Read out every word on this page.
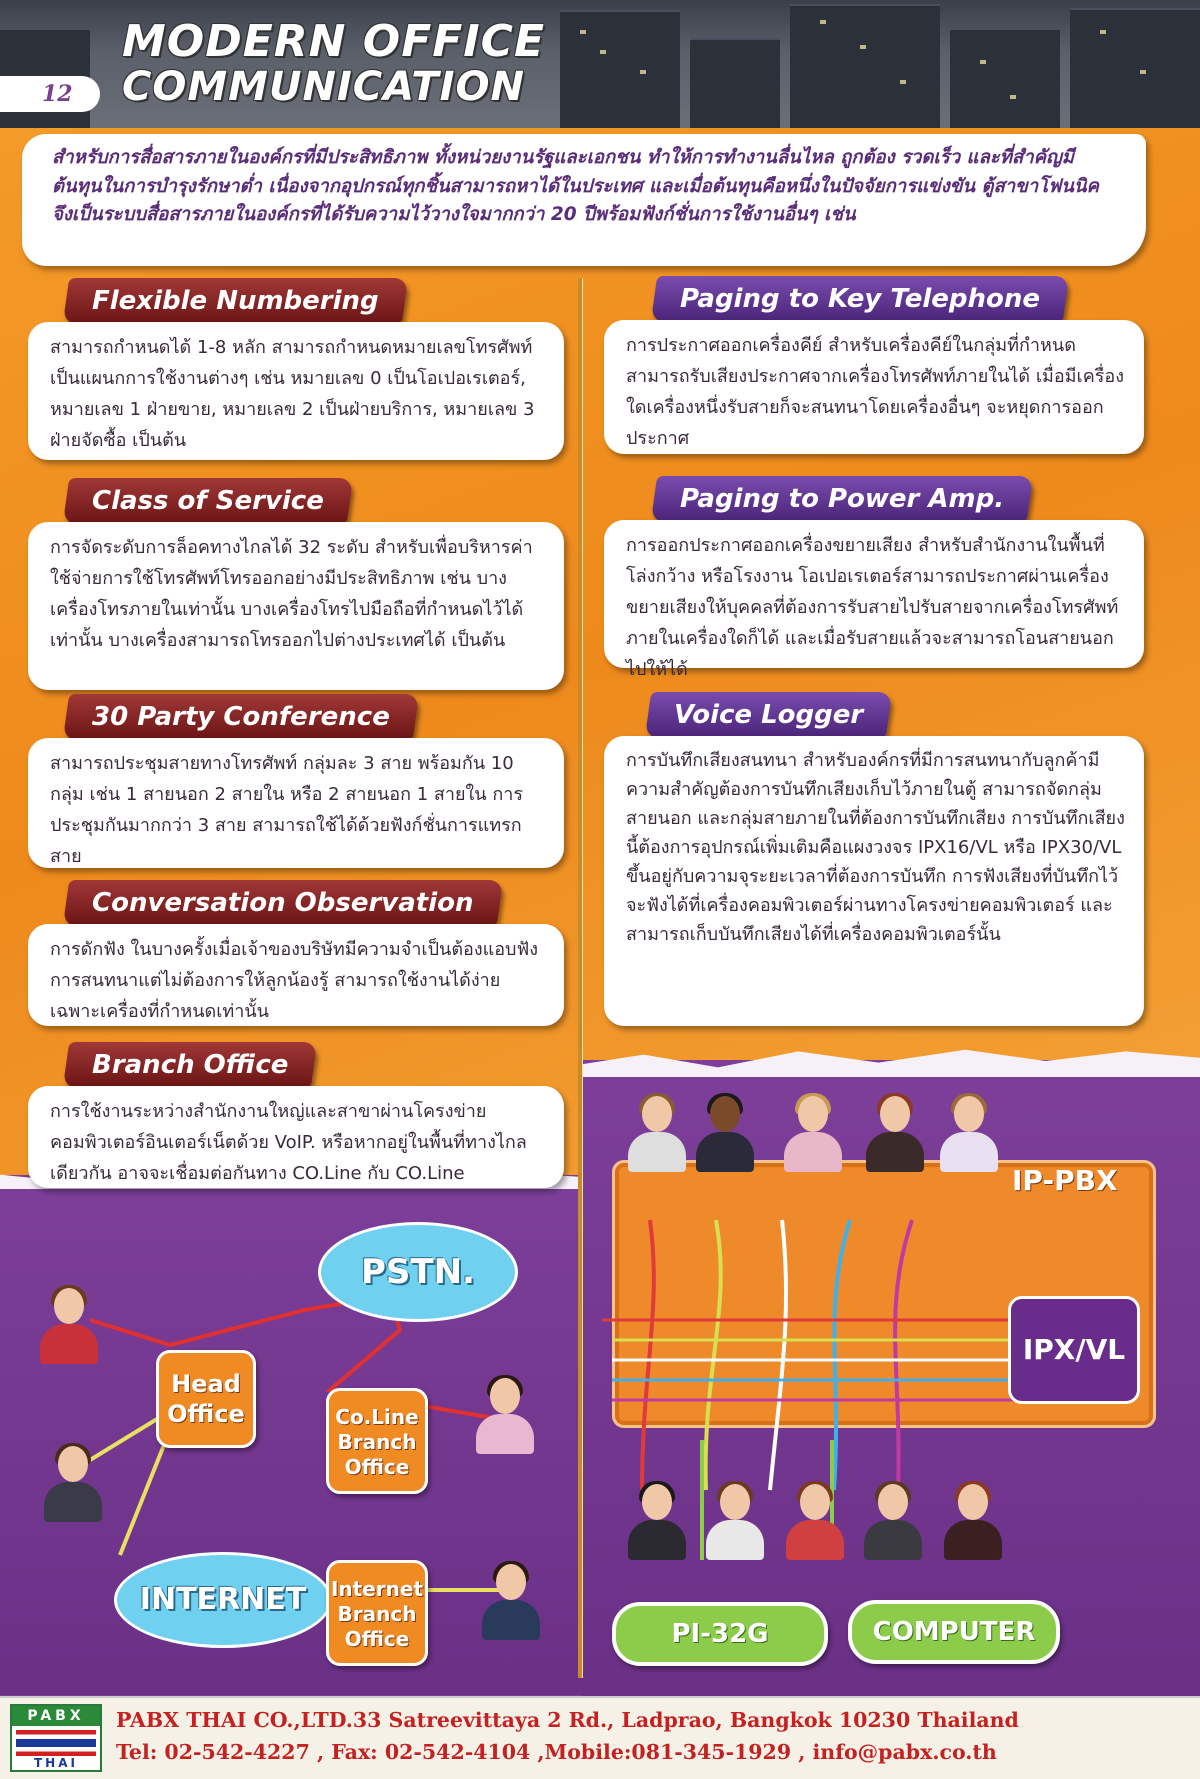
MODERN OFFICE
COMMUNICATION
12
สำหรับการสื่อสารภายในองค์กรที่มีประสิทธิภาพ ทั้งหน่วยงานรัฐและเอกชน ทำให้การทำงานลื่นไหล ถูกต้อง รวดเร็ว และที่สำคัญมีต้นทุนในการบำรุงรักษาต่ำ เนื่องจากอุปกรณ์ทุกชิ้นสามารถหาได้ในประเทศ และเมื่อต้นทุนคือหนึ่งในปัจจัยการแข่งขัน ตู้สาขาโฟนนิคจึงเป็นระบบสื่อสารภายในองค์กรที่ได้รับความไว้วางใจมากกว่า 20 ปีพร้อมฟังก์ชั่นการใช้งานอื่นๆ เช่น
Flexible Numbering
สามารถกำหนดได้ 1-8 หลัก สามารถกำหนดหมายเลขโทรศัพท์เป็นแผนกการใช้งานต่างๆ เช่น หมายเลข 0 เป็นโอเปอเรเตอร์, หมายเลข 1 ฝ่ายขาย, หมายเลข 2 เป็นฝ่ายบริการ, หมายเลข 3 ฝ่ายจัดซื้อ เป็นต้น
Class of Service
การจัดระดับการล็อคทางไกลได้ 32 ระดับ สำหรับเพื่อบริหารค่าใช้จ่ายการใช้โทรศัพท์โทรออกอย่างมีประสิทธิภาพ เช่น บางเครื่องโทรภายในเท่านั้น บางเครื่องโทรไปมือถือที่กำหนดไว้ได้เท่านั้น บางเครื่องสามารถโทรออกไปต่างประเทศได้ เป็นต้น
30 Party Conference
สามารถประชุมสายทางโทรศัพท์ กลุ่มละ 3 สาย พร้อมกัน 10 กลุ่ม เช่น 1 สายนอก 2 สายใน หรือ 2 สายนอก 1 สายใน การประชุมกันมากกว่า 3 สาย สามารถใช้ได้ด้วยฟังก์ชั่นการแทรกสาย
Conversation Observation
การดักฟัง ในบางครั้งเมื่อเจ้าของบริษัทมีความจำเป็นต้องแอบฟังการสนทนาแต่ไม่ต้องการให้ลูกน้องรู้ สามารถใช้งานได้ง่ายเฉพาะเครื่องที่กำหนดเท่านั้น
Branch Office
การใช้งานระหว่างสำนักงานใหญ่และสาขาผ่านโครงข่ายคอมพิวเตอร์อินเตอร์เน็ตด้วย VoIP. หรือหากอยู่ในพื้นที่ทางไกลเดียวกัน อาจจะเชื่อมต่อกันทาง CO.Line กับ CO.Line
Paging to Key Telephone
การประกาศออกเครื่องคีย์ สำหรับเครื่องคีย์ในกลุ่มที่กำหนด สามารถรับเสียงประกาศจากเครื่องโทรศัพท์ภายในได้ เมื่อมีเครื่องใดเครื่องหนึ่งรับสายก็จะสนทนาโดยเครื่องอื่นๆ จะหยุดการออกประกาศ
Paging to Power Amp.
การออกประกาศออกเครื่องขยายเสียง สำหรับสำนักงานในพื้นที่โล่งกว้าง หรือโรงงาน โอเปอเรเตอร์สามารถประกาศผ่านเครื่องขยายเสียงให้บุคคลที่ต้องการรับสายไปรับสายจากเครื่องโทรศัพท์ภายในเครื่องใดก็ได้ และเมื่อรับสายแล้วจะสามารถโอนสายนอกไปให้ได้
Voice Logger
การบันทึกเสียงสนทนา สำหรับองค์กรที่มีการสนทนากับลูกค้ามีความสำคัญต้องการบันทึกเสียงเก็บไว้ภายในตู้ สามารถจัดกลุ่มสายนอก และกลุ่มสายภายในที่ต้องการบันทึกเสียง การบันทึกเสียงนี้ต้องการอุปกรณ์เพิ่มเติมคือแผงวงจร IPX16/VL หรือ IPX30/VL ขึ้นอยู่กับความจุระยะเวลาที่ต้องการบันทึก การฟังเสียงที่บันทึกไว้จะฟังได้ที่เครื่องคอมพิวเตอร์ผ่านทางโครงข่ายคอมพิวเตอร์ และสามารถเก็บบันทึกเสียงได้ที่เครื่องคอมพิวเตอร์นั้น
PSTN.
INTERNET
Head Office	Co.Line Branch Office
Internet Branch Office
IP-PBX
IPX/VL
PI-32G	COMPUTER
PABX
THAI
PABX THAI CO.,LTD.33 Satreevittaya 2 Rd., Ladprao, Bangkok 10230 Thailand
Tel: 02-542-4227 , Fax: 02-542-4104 ,Mobile:081-345-1929 , info@pabx.co.th
